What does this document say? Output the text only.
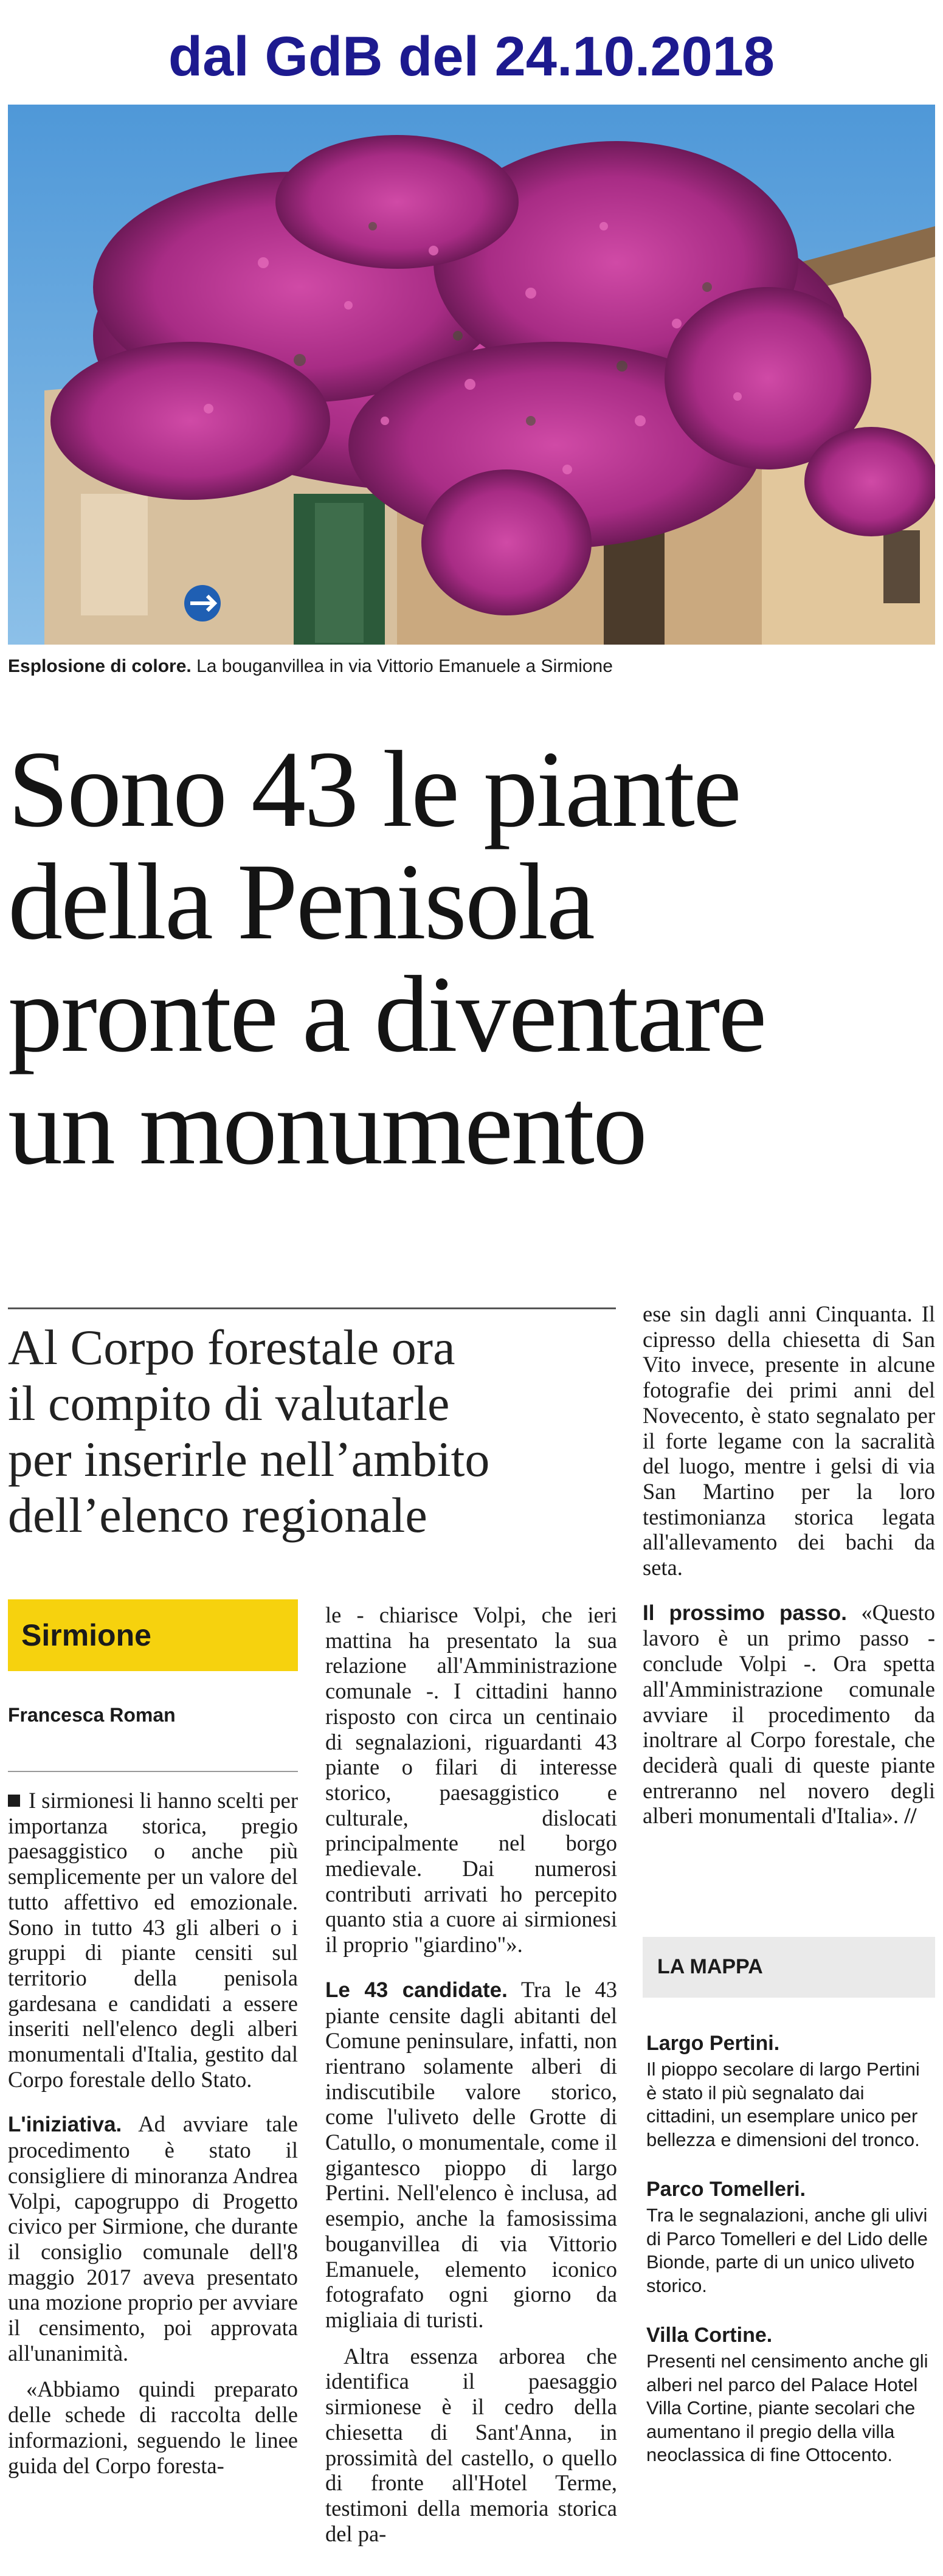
dal GdB del 24.10.2018
Esplosione di colore. La bouganvillea in via Vittorio Emanuele a Sirmione
Sono 43 le piante
della Penisola
pronte a diventare
un monumento
Al Corpo forestale ora
il compito di valutarle
per inserirle nell’ambito
dell’elenco regionale
Sirmione
Francesca Roman

I sirmionesi li hanno scelti per importanza storica, pregio paesaggistico o anche più semplicemente per un valore del tutto affettivo ed emozionale. Sono in tutto 43 gli alberi o i gruppi di piante censiti sul territorio della penisola gardesana e candidati a essere inseriti nell'elenco degli alberi monumentali d'Italia, gestito dal Corpo forestale dello Stato.

L'iniziativa. Ad avviare tale procedimento è stato il consigliere di minoranza Andrea Volpi, capogruppo di Progetto civico per Sirmione, che durante il consiglio comunale dell'8 maggio 2017 aveva presentato una mozione proprio per avviare il censimento, poi approvata all'unanimità.

«Abbiamo quindi preparato delle schede di raccolta delle informazioni, seguendo le linee guida del Corpo foresta-

le - chiarisce Volpi, che ieri mattina ha presentato la sua relazione all'Amministrazione comunale -. I cittadini hanno risposto con circa un centinaio di segnalazioni, riguardanti 43 piante o filari di interesse storico, paesaggistico e culturale, dislocati principalmente nel borgo medievale. Dai numerosi contributi arrivati ho percepito quanto stia a cuore ai sirmionesi il proprio "giardino"».

Le 43 candidate. Tra le 43 piante censite dagli abitanti del Comune peninsulare, infatti, non rientrano solamente alberi di indiscutibile valore storico, come l'uliveto delle Grotte di Catullo, o monumentale, come il gigantesco pioppo di largo Pertini. Nell'elenco è inclusa, ad esempio, anche la famosissima bouganvillea di via Vittorio Emanuele, elemento iconico fotografato ogni giorno da migliaia di turisti.

Altra essenza arborea che identifica il paesaggio sirmionese è il cedro della chiesetta di Sant'Anna, in prossimità del castello, o quello di fronte all'Hotel Terme, testimoni della memoria storica del pa-

ese sin dagli anni Cinquanta. Il cipresso della chiesetta di San Vito invece, presente in alcune fotografie dei primi anni del Novecento, è stato segnalato per il forte legame con la sacralità del luogo, mentre i gelsi di via San Martino per la loro testimonianza storica legata all'allevamento dei bachi da seta.

Il prossimo passo. «Questo lavoro è un primo passo - conclude Volpi -. Ora spetta all'Amministrazione comunale avviare il procedimento da inoltrare al Corpo forestale, che deciderà quali di queste piante entreranno nel novero degli alberi monumentali d'Italia». //

LA MAPPA
Largo Pertini.
Il pioppo secolare di largo Pertini è stato il più segnalato dai cittadini, un esemplare unico per bellezza e dimensioni del tronco.
Parco Tomelleri.
Tra le segnalazioni, anche gli ulivi di Parco Tomelleri e del Lido delle Bionde, parte di un unico uliveto storico.
Villa Cortine.
Presenti nel censimento anche gli alberi nel parco del Palace Hotel Villa Cortine, piante secolari che aumentano il pregio della villa neoclassica di fine Ottocento.
